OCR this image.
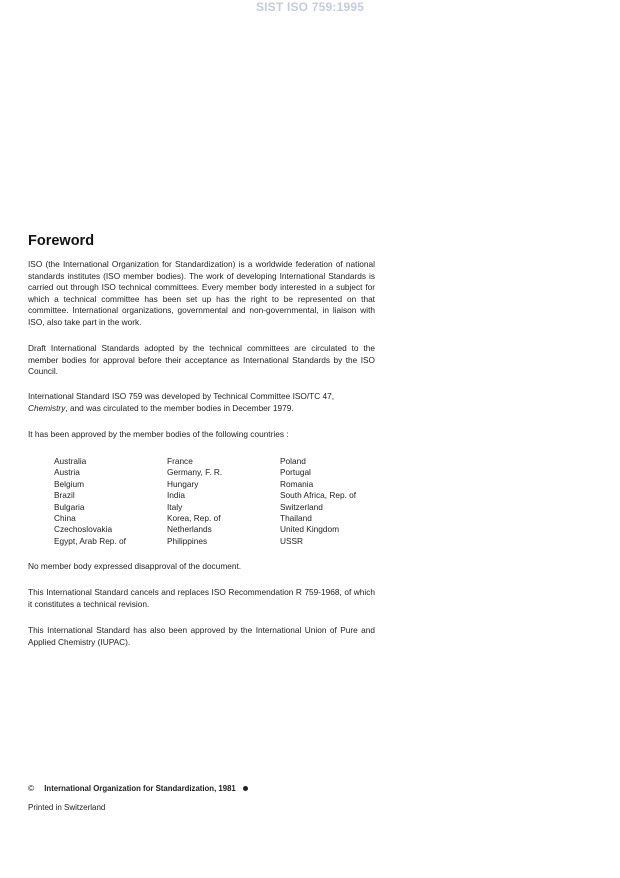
SIST ISO 759:1995
Foreword

ISO (the International Organization for Standardization) is a worldwide federation of national standards institutes (ISO member bodies). The work of developing International Standards is carried out through ISO technical committees. Every member body interested in a subject for which a technical committee has been set up has the right to be represented on that committee. International organizations, governmental and non-governmental, in liaison with ISO, also take part in the work.

Draft International Standards adopted by the technical committees are circulated to the member bodies for approval before their acceptance as International Standards by the ISO Council.

International Standard ISO 759 was developed by Technical Committee ISO/TC 47, Chemistry, and was circulated to the member bodies in December 1979.

It has been approved by the member bodies of the following countries :

Australia
Austria
Belgium
Brazil
Bulgaria
China
Czechoslovakia
Egypt, Arab Rep. of
France
Germany, F. R.
Hungary
India
Italy
Korea, Rep. of
Netherlands
Philippines
Poland
Portugal
Romania
South Africa, Rep. of
Switzerland
Thailand
United Kingdom
USSR

No member body expressed disapproval of the document.

This International Standard cancels and replaces ISO Recommendation R 759-1968, of which it constitutes a technical revision.

This International Standard has also been approved by the International Union of Pure and Applied Chemistry (IUPAC).

© International Organization for Standardization, 1981
Printed in Switzerland
